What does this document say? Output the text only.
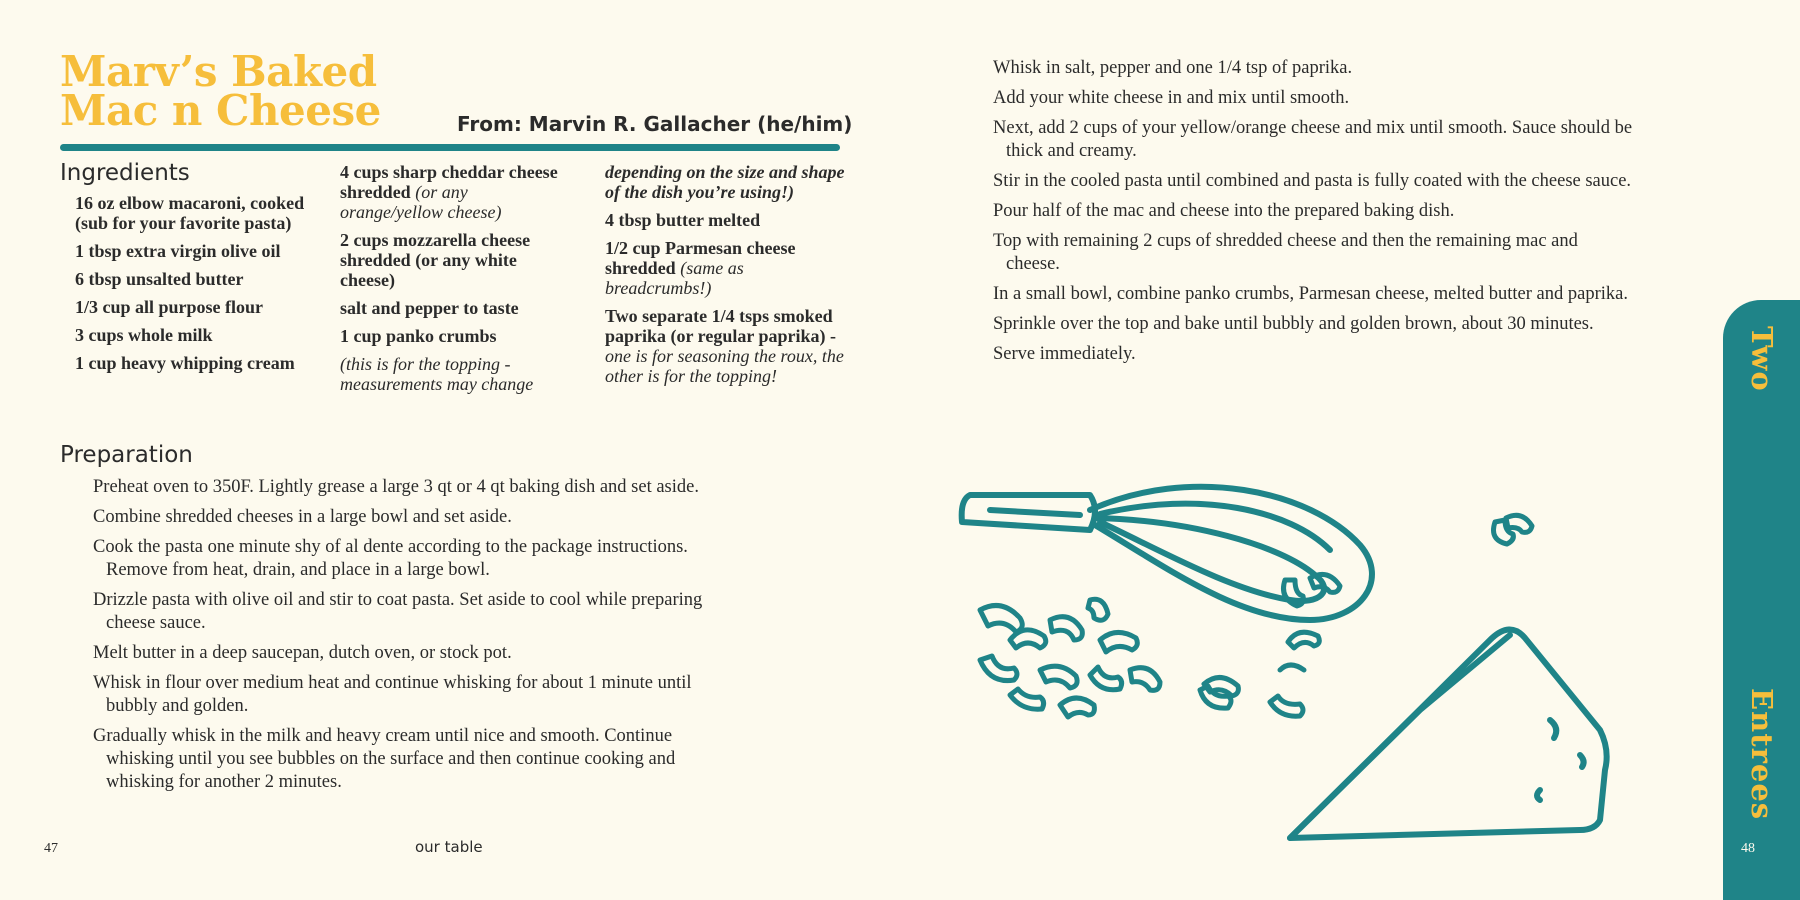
Marv’s Baked
Mac n Cheese	From: Marvin R. Gallacher (he/him)
Ingredients

16 oz elbow macaroni, cooked (sub for your favorite pasta)

1 tbsp extra virgin olive oil

6 tbsp unsalted butter

1/3 cup all purpose flour

3 cups whole milk

1 cup heavy whipping cream

4 cups sharp cheddar cheese shredded (or any orange/yellow cheese)

2 cups mozzarella cheese shredded (or any white cheese)

salt and pepper to taste

1 cup panko crumbs

(this is for the topping - measurements may change

depending on the size and shape of the dish you’re using!)

4 tbsp butter melted

1/2 cup Parmesan cheese shredded (same as breadcrumbs!)

Two separate 1/4 tsps smoked paprika (or regular paprika) - one is for seasoning the roux, the other is for the topping!

Preparation
Preheat oven to 350F. Lightly grease a large 3 qt or 4 qt baking dish and set aside.
Combine shredded cheeses in a large bowl and set aside.
Cook the pasta one minute shy of al dente according to the package instructions. Remove from heat, drain, and place in a large bowl.
Drizzle pasta with olive oil and stir to coat pasta. Set aside to cool while preparing cheese sauce.
Melt butter in a deep saucepan, dutch oven, or stock pot.
Whisk in flour over medium heat and continue whisking for about 1 minute until bubbly and golden.
Gradually whisk in the milk and heavy cream until nice and smooth. Continue whisking until you see bubbles on the surface and then continue cooking and whisking for another 2 minutes.
47	our table
Whisk in salt, pepper and one 1/4 tsp of paprika.
Add your white cheese in and mix until smooth.
Next, add 2 cups of your yellow/orange cheese and mix until smooth. Sauce should be thick and creamy.
Stir in the cooled pasta until combined and pasta is fully coated with the cheese sauce.
Pour half of the mac and cheese into the prepared baking dish.
Top with remaining 2 cups of shredded cheese and then the remaining mac and cheese.
In a small bowl, combine panko crumbs, Parmesan cheese, melted butter and paprika.
Sprinkle over the top and bake until bubbly and golden brown, about 30 minutes.
Serve immediately.	Two
Entrees
48
